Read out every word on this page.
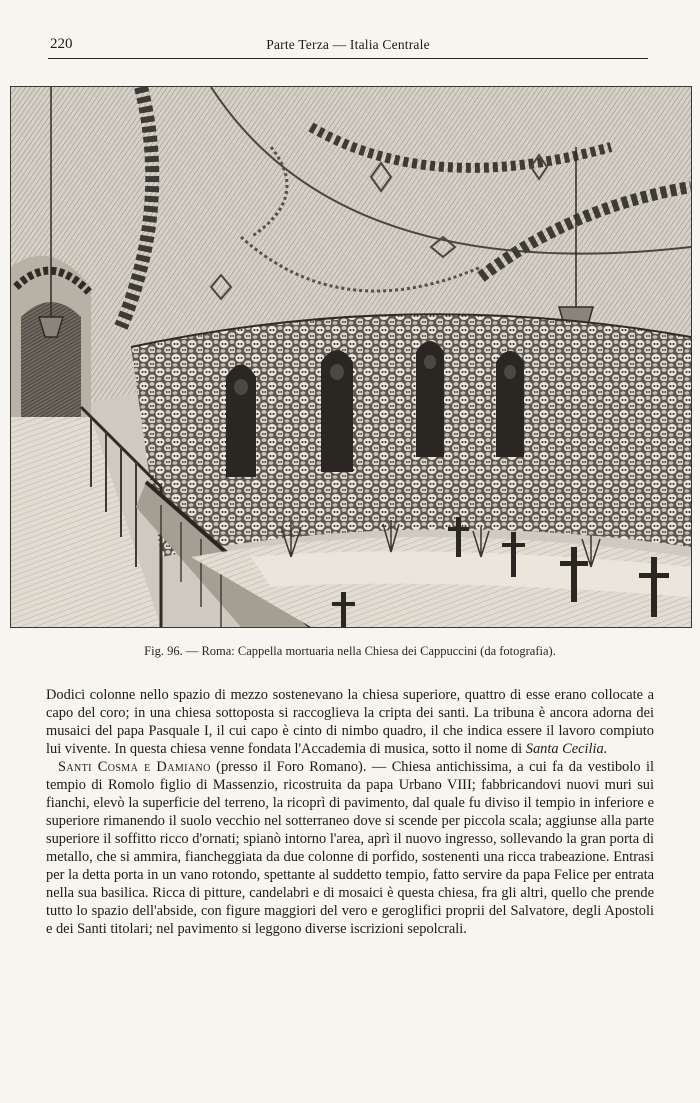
220	Parte Terza — Italia Centrale
Fig. 96. — Roma: Cappella mortuaria nella Chiesa dei Cappuccini (da fotografia).

Dodici colonne nello spazio di mezzo sostenevano la chiesa superiore, quattro di esse erano collocate a capo del coro; in una chiesa sottoposta si raccoglieva la cripta dei santi. La tribuna è ancora adorna dei musaici del papa Pasquale I, il cui capo è cinto di nimbo quadro, il che indica essere il lavoro compiuto lui vivente. In questa chiesa venne fondata l'Accademia di musica, sotto il nome di Santa Cecilia.

Santi Cosma e Damiano (presso il Foro Romano). — Chiesa antichissima, a cui fa da vestibolo il tempio di Romolo figlio di Massenzio, ricostruita da papa Urbano VIII; fabbricandovi nuovi muri sui fianchi, elevò la superficie del terreno, la ricoprì di pavimento, dal quale fu diviso il tempio in inferiore e superiore rimanendo il suolo vecchio nel sotterraneo dove si scende per piccola scala; aggiunse alla parte superiore il soffitto ricco d'ornati; spianò intorno l'area, aprì il nuovo ingresso, sollevando la gran porta di metallo, che si ammira, fiancheggiata da due colonne di porfido, sostenenti una ricca trabeazione. Entrasi per la detta porta in un vano rotondo, spettante al suddetto tempio, fatto servire da papa Felice per entrata nella sua basilica. Ricca di pitture, candelabri e di mosaici è questa chiesa, fra gli altri, quello che prende tutto lo spazio dell'abside, con figure maggiori del vero e geroglifici proprii del Salvatore, degli Apostoli e dei Santi titolari; nel pavimento si leggono diverse iscrizioni sepolcrali.
